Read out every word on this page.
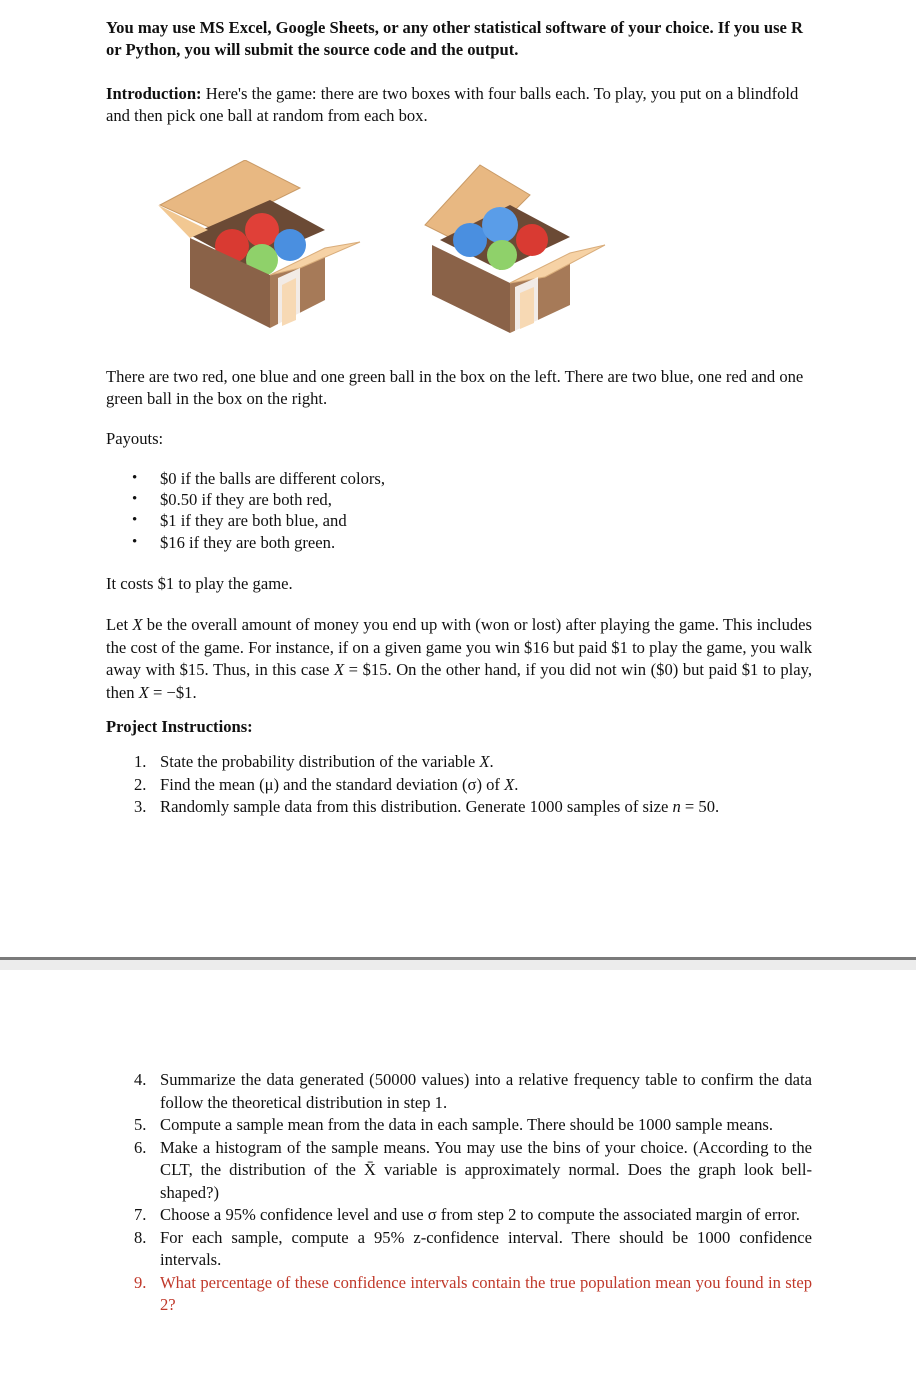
You may use MS Excel, Google Sheets, or any other statistical software of your choice. If you use R or Python, you will submit the source code and the output.
Introduction: Here's the game: there are two boxes with four balls each. To play, you put on a blindfold and then pick one ball at random from each box.
There are two red, one blue and one green ball in the box on the left. There are two blue, one red and one green ball in the box on the right.
Payouts:
• $0 if the balls are different colors,
• $0.50 if they are both red,
• $1 if they are both blue, and
• $16 if they are both green.
It costs $1 to play the game.
Let X be the overall amount of money you end up with (won or lost) after playing the game. This includes the cost of the game. For instance, if on a given game you win $16 but paid $1 to play the game, you walk away with $15. Thus, in this case X = $15. On the other hand, if you did not win ($0) but paid $1 to play, then X = −$1.
Project Instructions:
1. State the probability distribution of the variable X.
2. Find the mean (μ) and the standard deviation (σ) of X.
3. Randomly sample data from this distribution. Generate 1000 samples of size n = 50.
4. Summarize the data generated (50000 values) into a relative frequency table to confirm the data follow the theoretical distribution in step 1.
5. Compute a sample mean from the data in each sample. There should be 1000 sample means.
6. Make a histogram of the sample means. You may use the bins of your choice. (According to the CLT, the distribution of the X̄ variable is approximately normal. Does the graph look bell-shaped?)
7. Choose a 95% confidence level and use σ from step 2 to compute the associated margin of error.
8. For each sample, compute a 95% z-confidence interval. There should be 1000 confidence intervals.
9. What percentage of these confidence intervals contain the true population mean you found in step 2?
